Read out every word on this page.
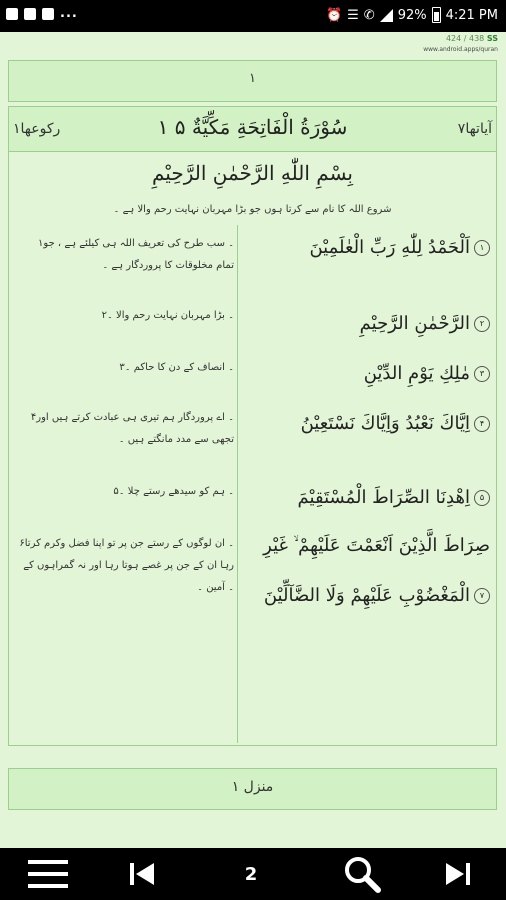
...	⏰ ☰ ✆ 92% 4:21 PM
424 / 438 SS
www.android.apps/quran
۱
۱رکوعھا	۱ سُوْرَةُ الْفَاتِحَةِ مَكِّيَّةٌ ۵	آیاتھا۷
بِسْمِ اللّٰهِ الرَّحْمٰنِ الرَّحِيْمِ
شروع اللہ کا نام سے کرتا ہوں جو بڑا مہربان نہایت رحم والا ہے ۔
اَلْحَمْدُ لِلّٰهِ رَبِّ الْعٰلَمِيْنَ ۱
۱۔ سب طرح کی تعریف اللہ ہی کیلئے ہے ، جو تمام مخلوقات کا پروردگار ہے ۔
الرَّحْمٰنِ الرَّحِيْمِ ۲
۲۔ بڑا مہربان نہایت رحم والا ۔
مٰلِكِ يَوْمِ الدِّيْنِ ۳
۳۔ انصاف کے دن کا حاکم ۔
اِيَّاكَ نَعْبُدُ وَاِيَّاكَ نَسْتَعِيْنُ ۴
۴۔ اے پروردگار ہم تیری ہی عبادت کرتے ہیں اور تجھی سے مدد مانگتے ہیں ۔
اِهْدِنَا الصِّرَاطَ الْمُسْتَقِيْمَ ۵
۵۔ ہم کو سیدھے رستے چلا ۔
صِرَاطَ الَّذِيْنَ اَنْعَمْتَ عَلَيْهِمْ ۙ غَيْرِ
الْمَغْضُوْبِ عَلَيْهِمْ وَلَا الضَّآلِّيْنَ ۷
۶۔ ان لوگوں کے رستے جن پر تو اپنا فضل وکرم کرتا رہا ان کے جن پر غصے ہوتا رہا اور نہ گمراہوں کے ۔ آمین ۔
منزل ۱
2
